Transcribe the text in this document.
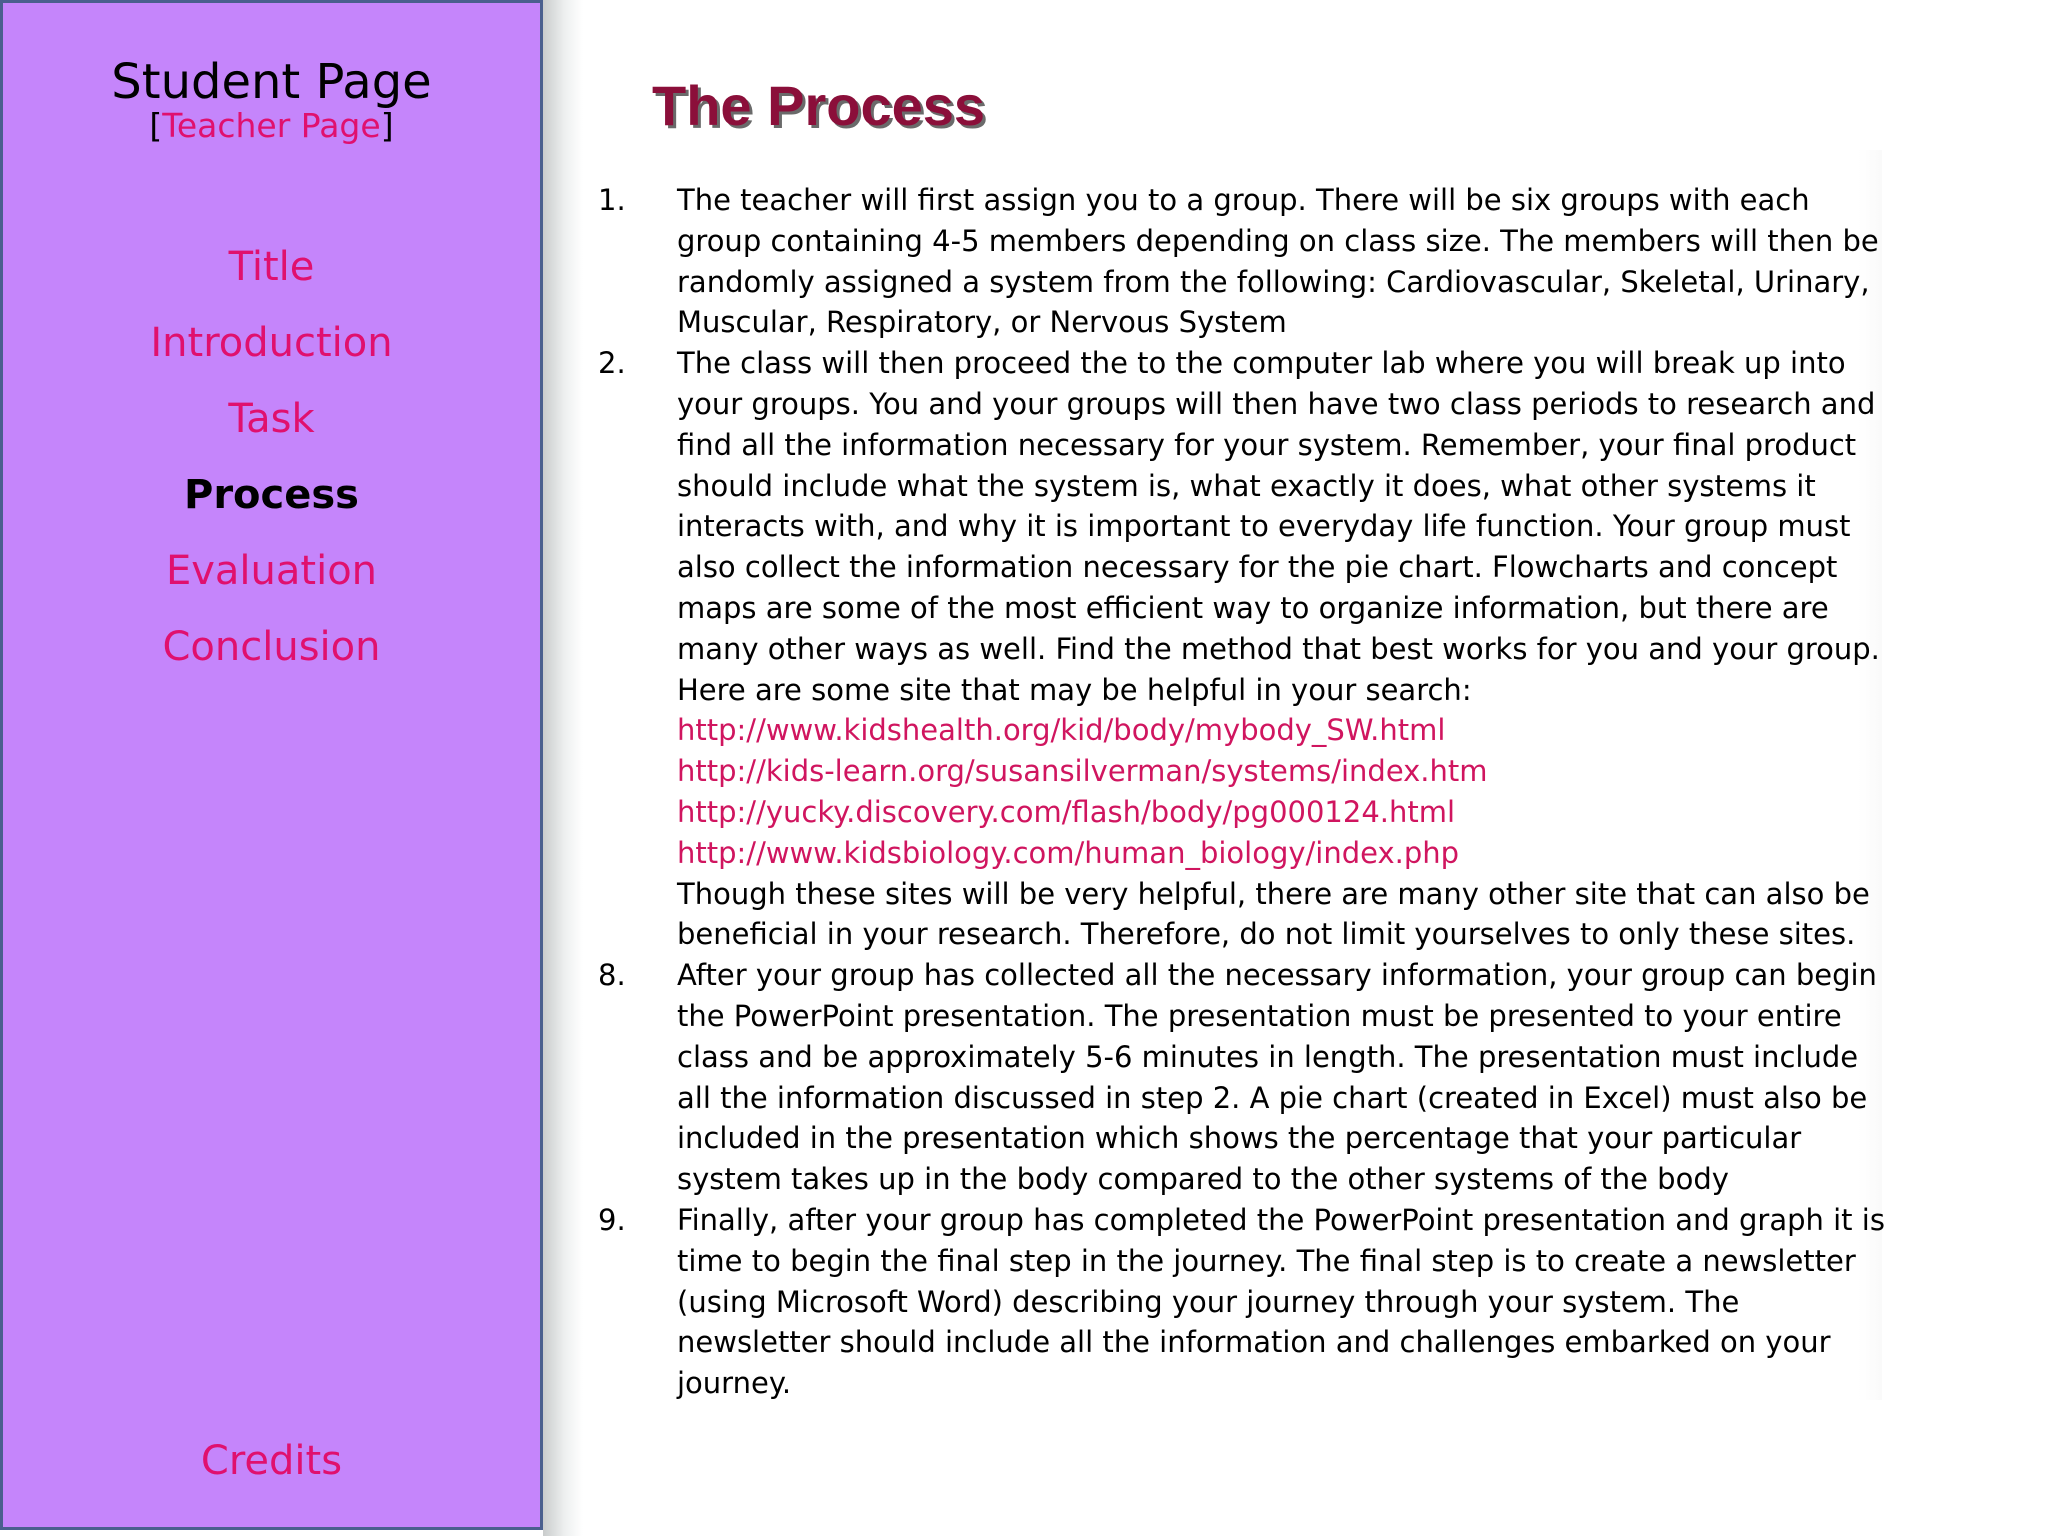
Student Page
[Teacher Page]
Title
Introduction
Task
Process
Evaluation
Conclusion
Credits
The Process
1. The teacher will first assign you to a group. There will be six groups with each group containing 4-5 members depending on class size. The members will then be randomly assigned a system from the following: Cardiovascular, Skeletal, Urinary, Muscular, Respiratory, or Nervous System
2. The class will then proceed the to the computer lab where you will break up into your groups. You and your groups will then have two class periods to research and find all the information necessary for your system. Remember, your final product should include what the system is, what exactly it does, what other systems it interacts with, and why it is important to everyday life function. Your group must also collect the information necessary for the pie chart. Flowcharts and concept maps are some of the most efficient way to organize information, but there are many other ways as well. Find the method that best works for you and your group. Here are some site that may be helpful in your search:
http://www.kidshealth.org/kid/body/mybody_SW.html
http://kids-learn.org/susansilverman/systems/index.htm
http://yucky.discovery.com/flash/body/pg000124.html
http://www.kidsbiology.com/human_biology/index.php
Though these sites will be very helpful, there are many other site that can also be beneficial in your research. Therefore, do not limit yourselves to only these sites.
8. After your group has collected all the necessary information, your group can begin the PowerPoint presentation. The presentation must be presented to your entire class and be approximately 5-6 minutes in length. The presentation must include all the information discussed in step 2. A pie chart (created in Excel) must also be included in the presentation which shows the percentage that your particular system takes up in the body compared to the other systems of the body
9. Finally, after your group has completed the PowerPoint presentation and graph it is time to begin the final step in the journey. The final step is to create a newsletter (using Microsoft Word) describing your journey through your system. The newsletter should include all the information and challenges embarked on your journey.
